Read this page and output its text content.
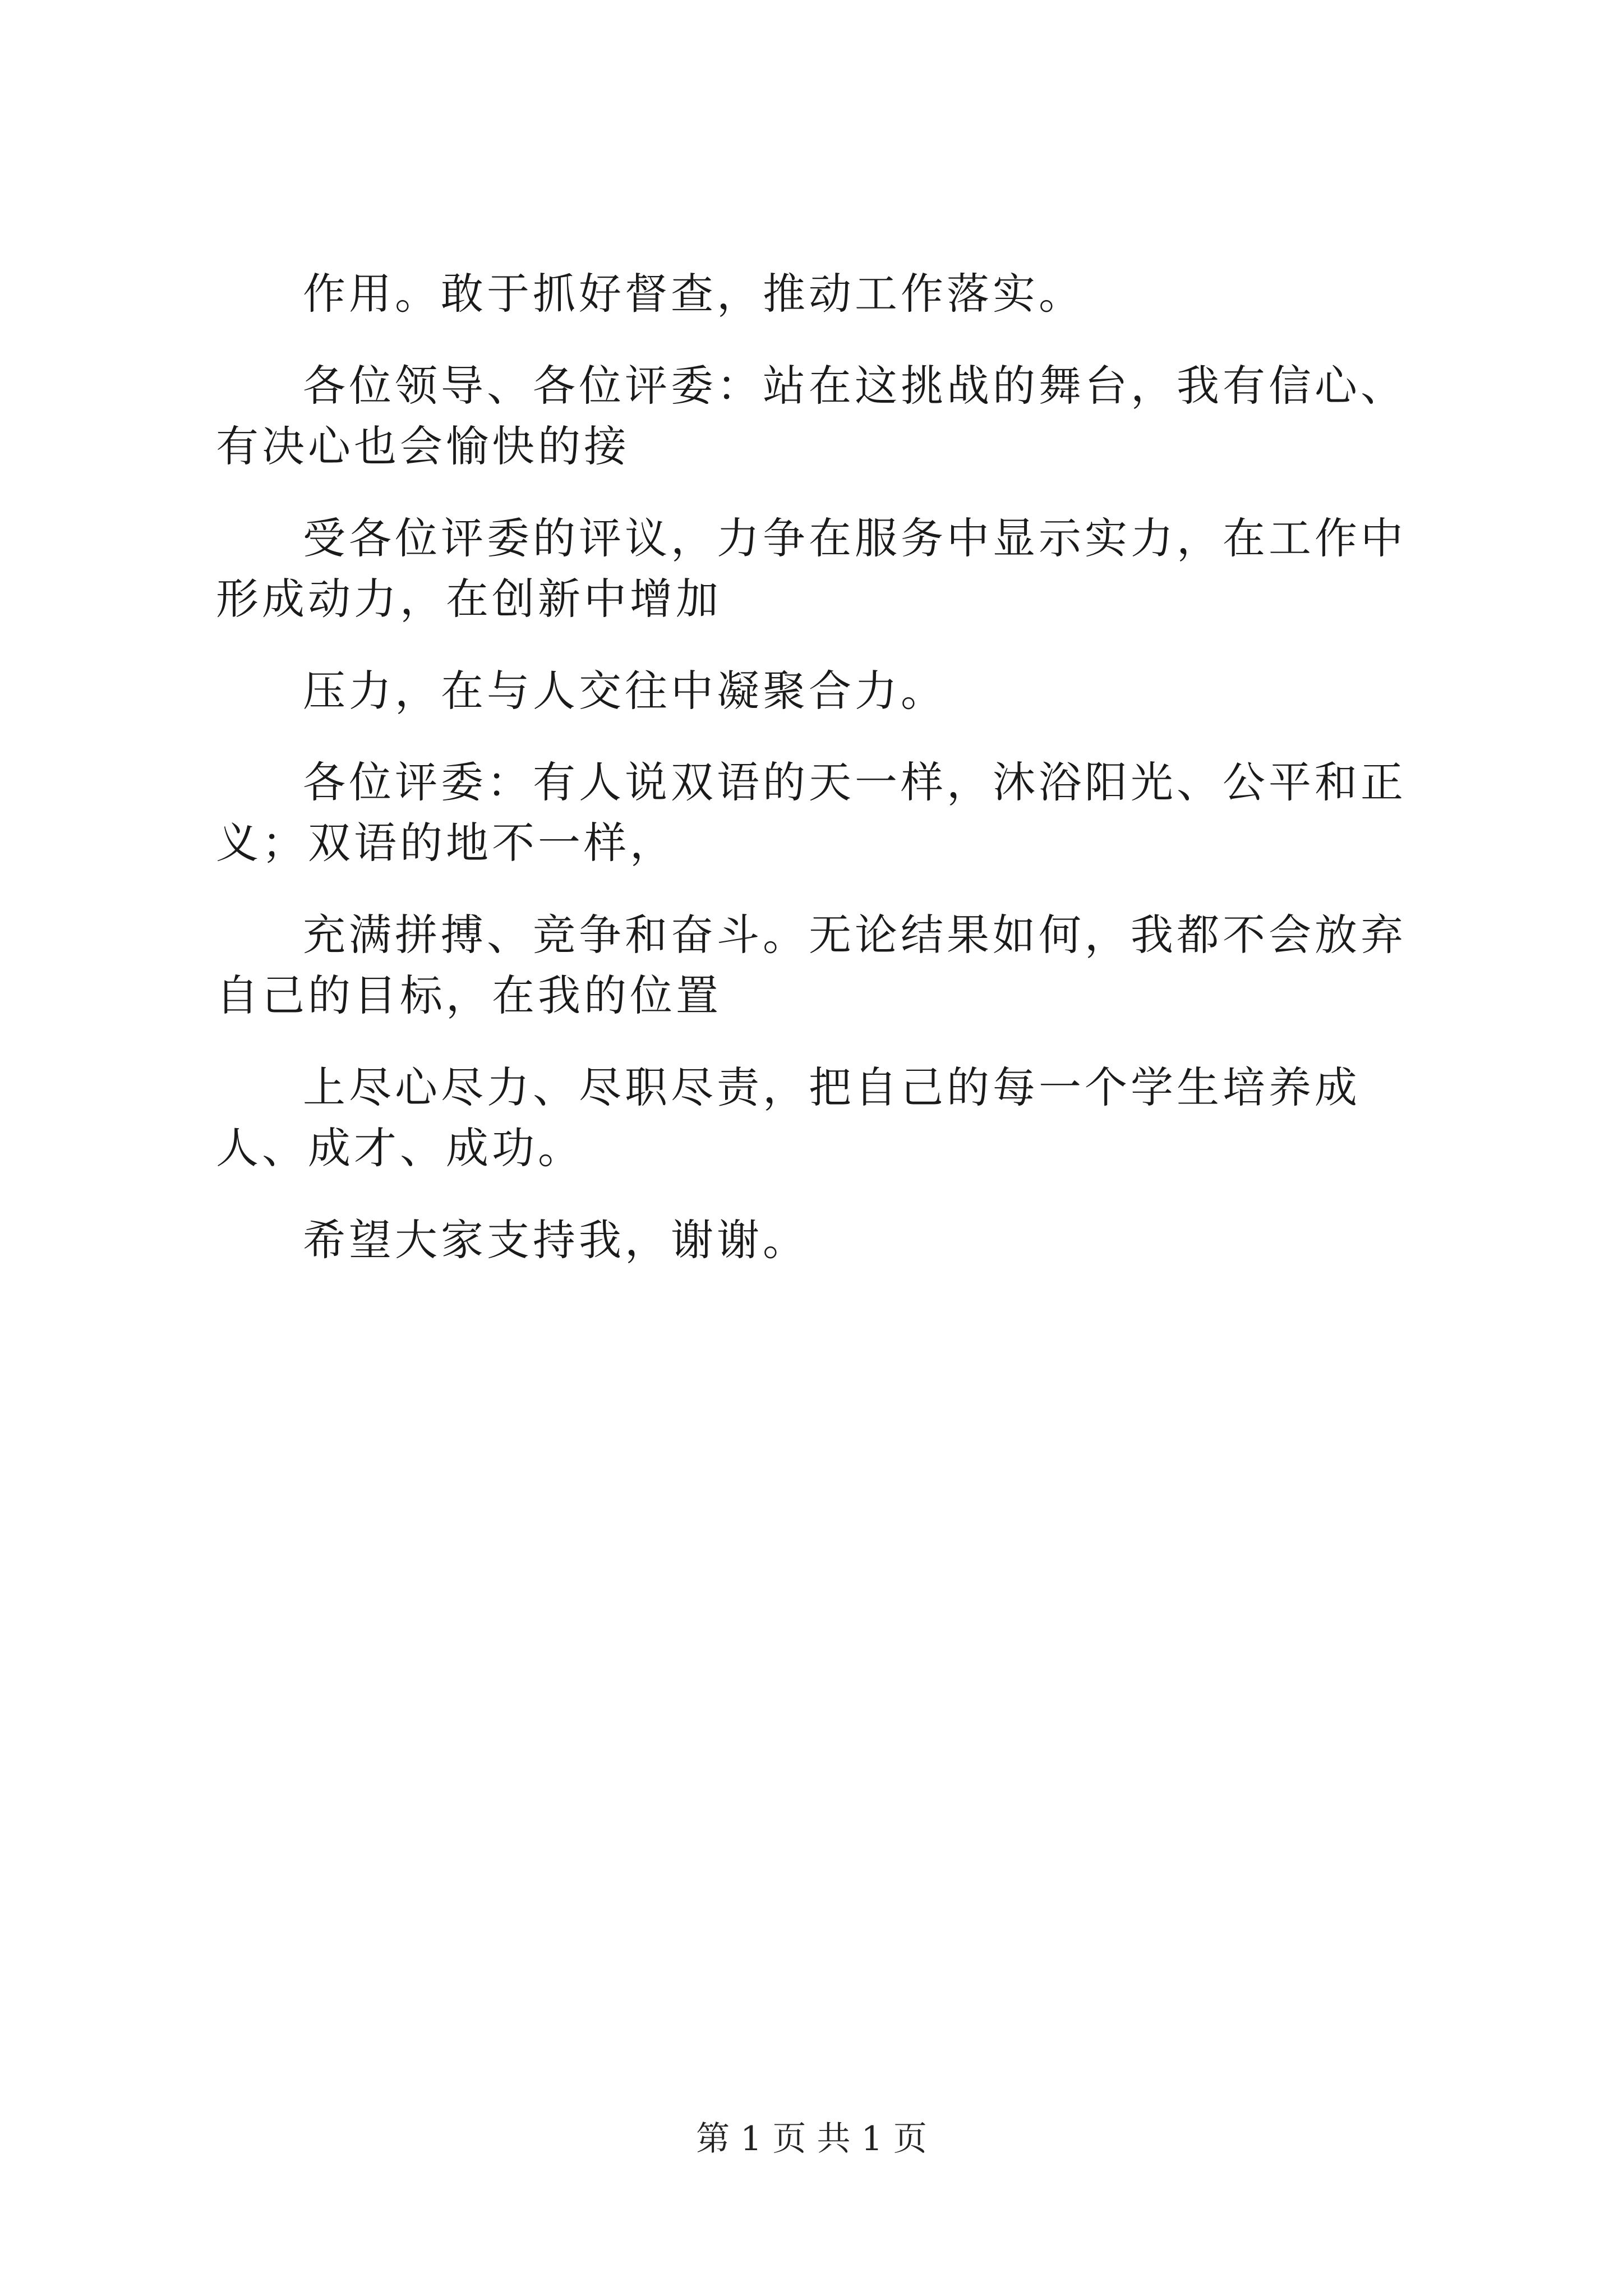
作用。敢于抓好督查，推动工作落实。

各位领导、各位评委：站在这挑战的舞台，我有信心、有决心也会愉快的接

受各位评委的评议，力争在服务中显示实力，在工作中形成动力，在创新中增加

压力，在与人交往中凝聚合力。

各位评委：有人说双语的天一样，沐浴阳光、公平和正义；双语的地不一样，

充满拼搏、竞争和奋斗。无论结果如何，我都不会放弃自己的目标，在我的位置

上尽心尽力、尽职尽责，把自己的每一个学生培养成人、成才、成功。

希望大家支持我，谢谢。

第 1 页 共 1 页
